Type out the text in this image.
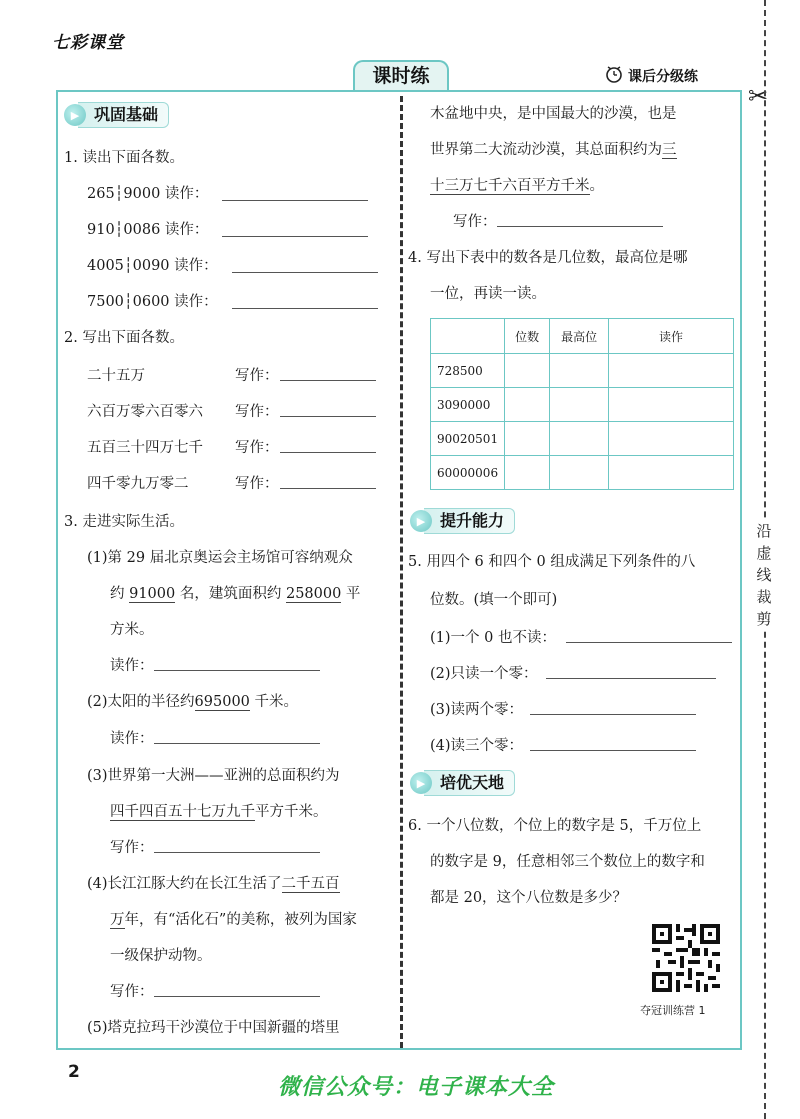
七彩课堂
课时练	课后分级练
✂
沿
虚
线
裁
剪
▶ 巩固基础
1. 读出下面各数。
265┆9000 读作：
910┆0086 读作：
4005┆0090 读作：
7500┆0600 读作：
2. 写出下面各数。
二十五万	写作：
六百万零六百零六 写作：
五百三十四万七千 写作：
四千零九万零二	写作：
3. 走进实际生活。
(1)第 29 届北京奥运会主场馆可容纳观众
约 91000 名，建筑面积约 258000 平
方米。
读作：
(2)太阳的半径约695000 千米。
读作：
(3)世界第一大洲——亚洲的总面积约为
四千四百五十七万九千平方千米。
写作：
(4)长江江豚大约在长江生活了二千五百
万年，有“活化石”的美称，被列为国家
一级保护动物。
写作：
(5)塔克拉玛干沙漠位于中国新疆的塔里
木盆地中央，是中国最大的沙漠，也是
世界第二大流动沙漠，其总面积约为三
十三万七千六百平方千米。
写作：
4. 写出下表中的数各是几位数，最高位是哪
一位，再读一读。
	位数	最高位	读作
728500			
3090000			
90020501			
60000006			
▶ 提升能力
5. 用四个 6 和四个 0 组成满足下列条件的八
位数。(填一个即可)
(1)一个 0 也不读：
(2)只读一个零：
(3)读两个零：
(4)读三个零：
▶ 培优天地
6. 一个八位数，个位上的数字是 5，千万位上
的数字是 9，任意相邻三个数位上的数字和
都是 20，这个八位数是多少？
夺冠训练营 1
2
微信公众号：电子课本大全
